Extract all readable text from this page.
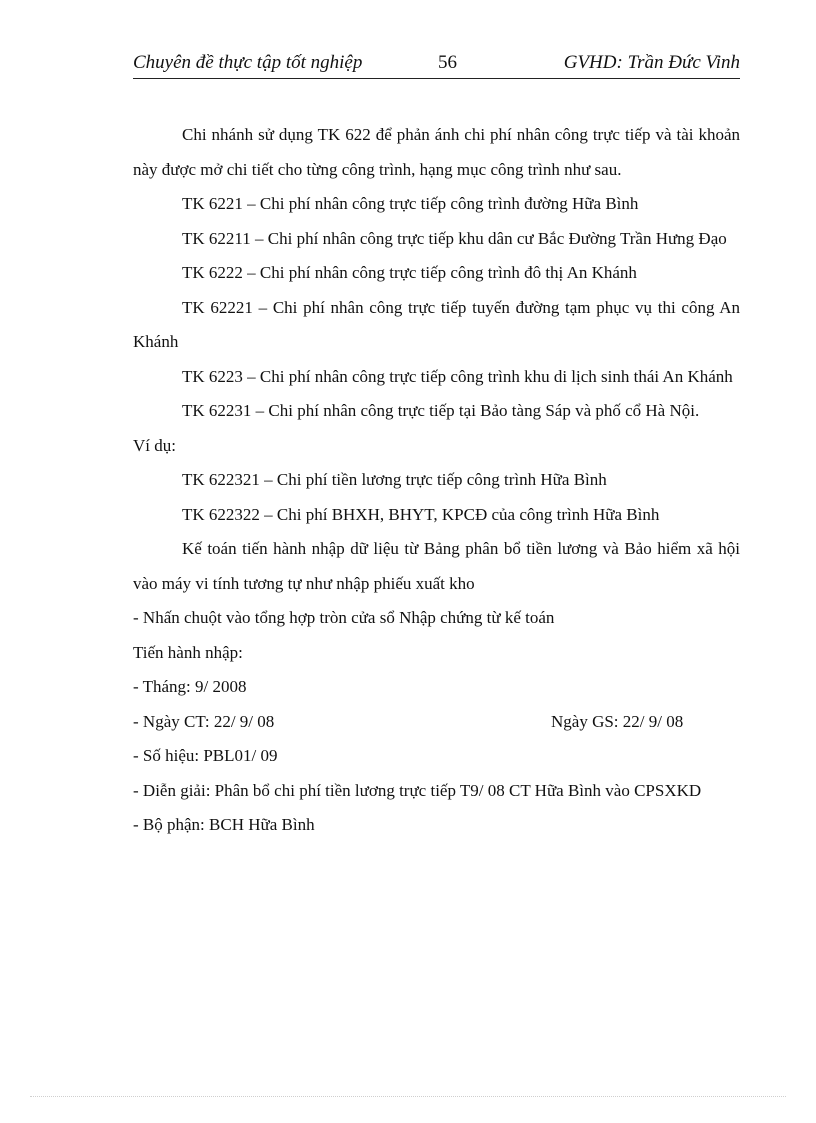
Chuyên đề thực tập tốt nghiệp	56	GVHD: Trần Đức Vinh

Chi nhánh sử dụng TK 622 để phản ánh chi phí nhân công trực tiếp và tài khoản này được mở chi tiết cho từng công trình, hạng mục công trình như sau.

TK 6221 – Chi phí nhân công trực tiếp công trình đường Hữa Bình

TK 62211 – Chi phí nhân công trực tiếp khu dân cư Bắc Đường Trần Hưng Đạo

TK 6222 – Chi phí nhân công trực tiếp công trình đô thị An Khánh

TK 62221 – Chi phí nhân công trực tiếp tuyến đường tạm phục vụ thi công An Khánh

TK 6223 – Chi phí nhân công trực tiếp công trình khu di lịch sinh thái An Khánh

TK 62231 – Chi phí nhân công trực tiếp tại Bảo tàng Sáp và phố cổ Hà Nội.

Ví dụ:

TK 622321 – Chi phí tiền lương trực tiếp công trình Hữa Bình

TK 622322 – Chi phí BHXH, BHYT, KPCĐ của công trình Hữa Bình

Kế toán tiến hành nhập dữ liệu từ Bảng phân bổ tiền lương và Bảo hiểm xã hội vào máy vi tính tương tự như nhập phiếu xuất kho

- Nhấn chuột vào tổng hợp tròn cửa sổ Nhập chứng từ kế toán

Tiến hành nhập:

- Tháng: 9/ 2008

- Ngày CT: 22/ 9/ 08	Ngày GS: 22/ 9/ 08

- Số hiệu: PBL01/ 09

- Diễn giải: Phân bổ chi phí tiền lương trực tiếp T9/ 08 CT Hữa Bình vào CPSXKD

- Bộ phận: BCH Hữa Bình
